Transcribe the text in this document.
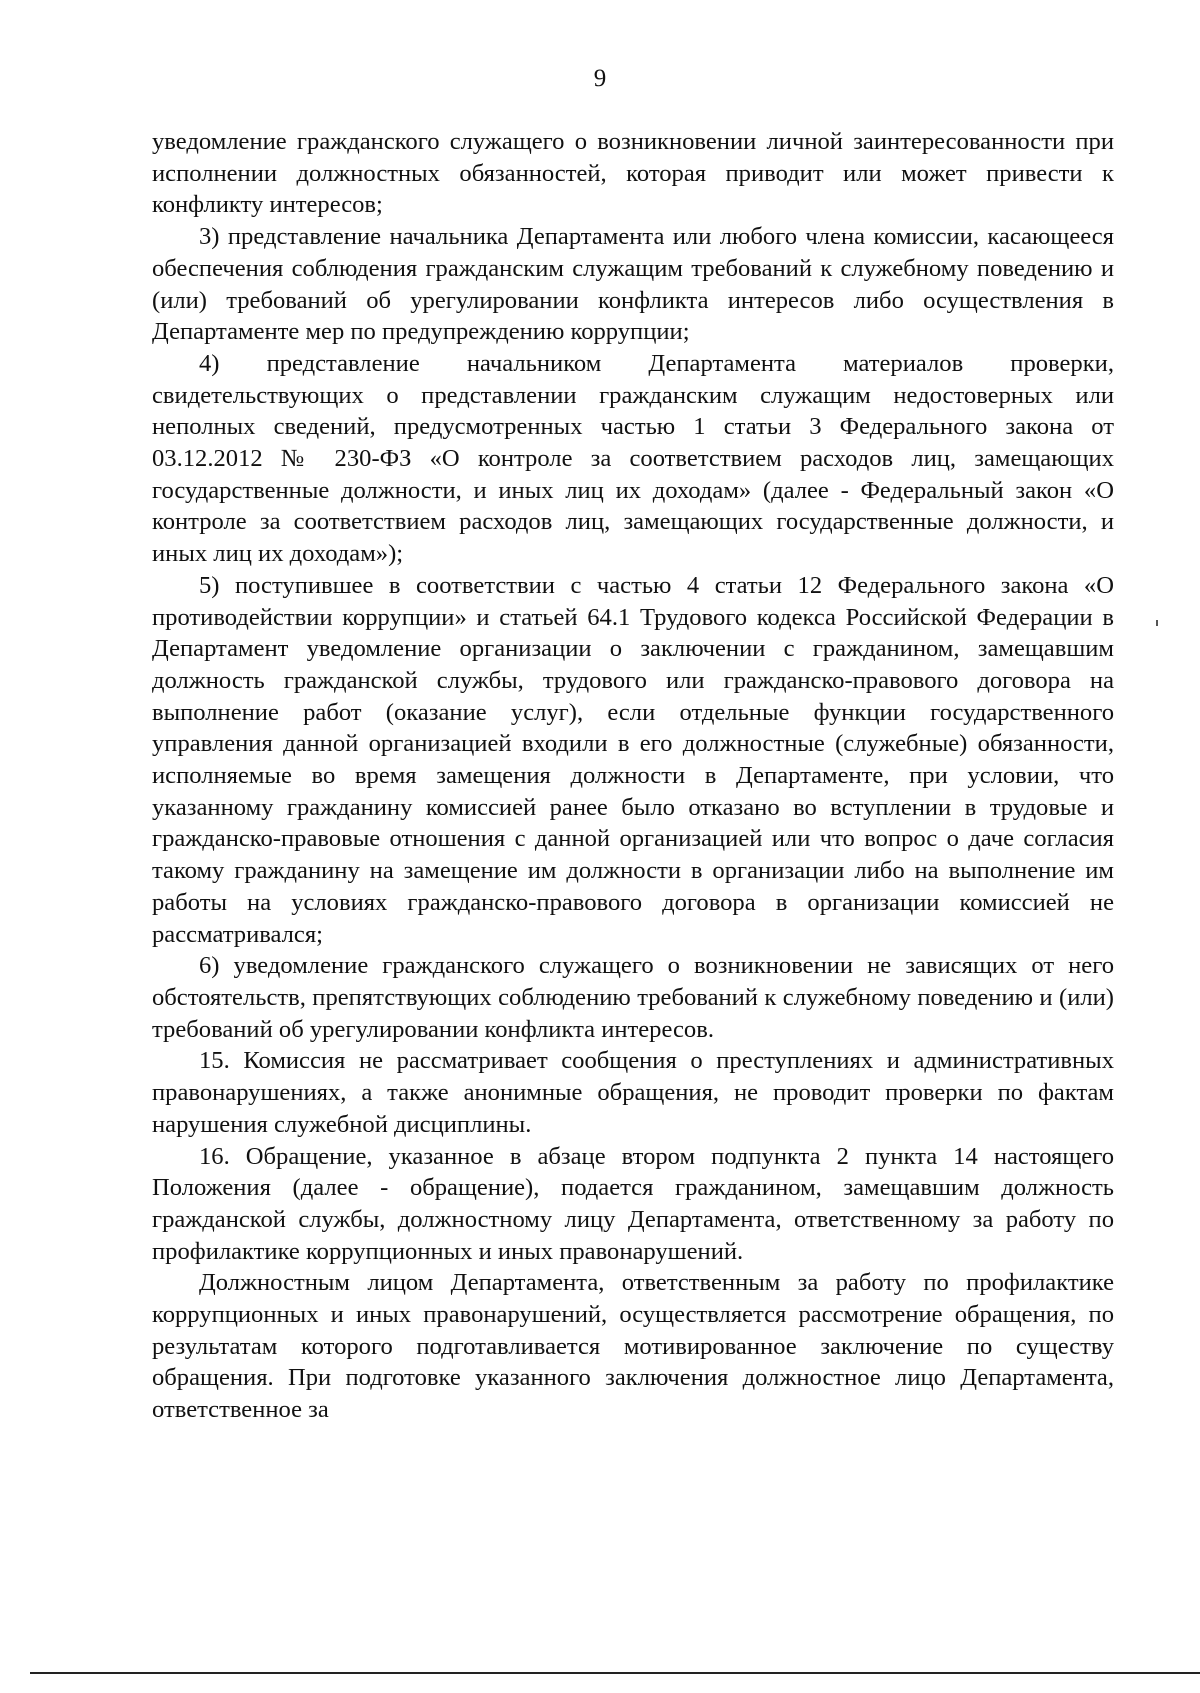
9

уведомление гражданского служащего о возникновении личной заинтересованности при исполнении должностных обязанностей, которая приводит или может привести к конфликту интересов;

3) представление начальника Департамента или любого члена комиссии, касающееся обеспечения соблюдения гражданским служащим требований к служебному поведению и (или) требований об урегулировании конфликта интересов либо осуществления в Департаменте мер по предупреждению коррупции;

4) представление начальником Департамента материалов проверки, свидетельствующих о представлении гражданским служащим недостоверных или неполных сведений, предусмотренных частью 1 статьи 3 Федерального закона от 03.12.2012 № 230-ФЗ «О контроле за соответствием расходов лиц, замещающих государственные должности, и иных лиц их доходам» (далее - Федеральный закон «О контроле за соответствием расходов лиц, замещающих государственные должности, и иных лиц их доходам»);

5) поступившее в соответствии с частью 4 статьи 12 Федерального закона «О противодействии коррупции» и статьей 64.1 Трудового кодекса Российской Федерации в Департамент уведомление организации о заключении с гражданином, замещавшим должность гражданской службы, трудового или гражданско-правового договора на выполнение работ (оказание услуг), если отдельные функции государственного управления данной организацией входили в его должностные (служебные) обязанности, исполняемые во время замещения должности в Департаменте, при условии, что указанному гражданину комиссией ранее было отказано во вступлении в трудовые и гражданско-правовые отношения с данной организацией или что вопрос о даче согласия такому гражданину на замещение им должности в организации либо на выполнение им работы на условиях гражданско-правового договора в организации комиссией не рассматривался;

6) уведомление гражданского служащего о возникновении не зависящих от него обстоятельств, препятствующих соблюдению требований к служебному поведению и (или) требований об урегулировании конфликта интересов.

15. Комиссия не рассматривает сообщения о преступлениях и административных правонарушениях, а также анонимные обращения, не проводит проверки по фактам нарушения служебной дисциплины.

16. Обращение, указанное в абзаце втором подпункта 2 пункта 14 настоящего Положения (далее - обращение), подается гражданином, замещавшим должность гражданской службы, должностному лицу Департамента, ответственному за работу по профилактике коррупционных и иных правонарушений.

Должностным лицом Департамента, ответственным за работу по профилактике коррупционных и иных правонарушений, осуществляется рассмотрение обращения, по результатам которого подготавливается мотивированное заключение по существу обращения. При подготовке указанного заключения должностное лицо Департамента, ответственное за
